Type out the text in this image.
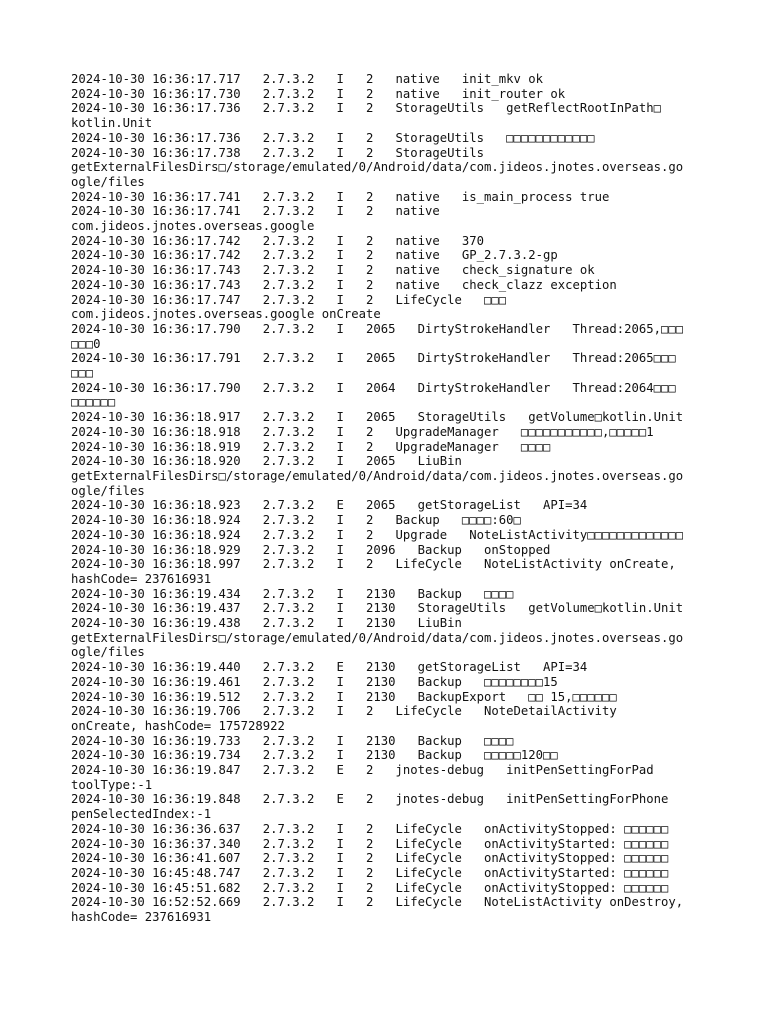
2024-10-30 16:36:17.717   2.7.3.2   I   2   native   init_mkv ok
2024-10-30 16:36:17.730   2.7.3.2   I   2   native   init_router ok
2024-10-30 16:36:17.736   2.7.3.2   I   2   StorageUtils   getReflectRootInPath□
kotlin.Unit
2024-10-30 16:36:17.736   2.7.3.2   I   2   StorageUtils   □□□□□□□□□□□□
2024-10-30 16:36:17.738   2.7.3.2   I   2   StorageUtils
getExternalFilesDirs□/storage/emulated/0/Android/data/com.jideos.jnotes.overseas.go
ogle/files
2024-10-30 16:36:17.741   2.7.3.2   I   2   native   is_main_process true
2024-10-30 16:36:17.741   2.7.3.2   I   2   native
com.jideos.jnotes.overseas.google
2024-10-30 16:36:17.742   2.7.3.2   I   2   native   370
2024-10-30 16:36:17.742   2.7.3.2   I   2   native   GP_2.7.3.2-gp
2024-10-30 16:36:17.743   2.7.3.2   I   2   native   check_signature ok
2024-10-30 16:36:17.743   2.7.3.2   I   2   native   check_clazz exception
2024-10-30 16:36:17.747   2.7.3.2   I   2   LifeCycle   □□□
com.jideos.jnotes.overseas.google onCreate
2024-10-30 16:36:17.790   2.7.3.2   I   2065   DirtyStrokeHandler   Thread:2065,□□□
□□□0
2024-10-30 16:36:17.791   2.7.3.2   I   2065   DirtyStrokeHandler   Thread:2065□□□
□□□
2024-10-30 16:36:17.790   2.7.3.2   I   2064   DirtyStrokeHandler   Thread:2064□□□
□□□□□□
2024-10-30 16:36:18.917   2.7.3.2   I   2065   StorageUtils   getVolume□kotlin.Unit
2024-10-30 16:36:18.918   2.7.3.2   I   2   UpgradeManager   □□□□□□□□□□□,□□□□□1
2024-10-30 16:36:18.919   2.7.3.2   I   2   UpgradeManager   □□□□
2024-10-30 16:36:18.920   2.7.3.2   I   2065   LiuBin
getExternalFilesDirs□/storage/emulated/0/Android/data/com.jideos.jnotes.overseas.go
ogle/files
2024-10-30 16:36:18.923   2.7.3.2   E   2065   getStorageList   API=34
2024-10-30 16:36:18.924   2.7.3.2   I   2   Backup   □□□□:60□
2024-10-30 16:36:18.924   2.7.3.2   I   2   Upgrade   NoteListActivity□□□□□□□□□□□□□
2024-10-30 16:36:18.929   2.7.3.2   I   2096   Backup   onStopped
2024-10-30 16:36:18.997   2.7.3.2   I   2   LifeCycle   NoteListActivity onCreate,
hashCode= 237616931
2024-10-30 16:36:19.434   2.7.3.2   I   2130   Backup   □□□□
2024-10-30 16:36:19.437   2.7.3.2   I   2130   StorageUtils   getVolume□kotlin.Unit
2024-10-30 16:36:19.438   2.7.3.2   I   2130   LiuBin
getExternalFilesDirs□/storage/emulated/0/Android/data/com.jideos.jnotes.overseas.go
ogle/files
2024-10-30 16:36:19.440   2.7.3.2   E   2130   getStorageList   API=34
2024-10-30 16:36:19.461   2.7.3.2   I   2130   Backup   □□□□□□□□15
2024-10-30 16:36:19.512   2.7.3.2   I   2130   BackupExport   □□ 15,□□□□□□
2024-10-30 16:36:19.706   2.7.3.2   I   2   LifeCycle   NoteDetailActivity
onCreate, hashCode= 175728922
2024-10-30 16:36:19.733   2.7.3.2   I   2130   Backup   □□□□
2024-10-30 16:36:19.734   2.7.3.2   I   2130   Backup   □□□□□120□□
2024-10-30 16:36:19.847   2.7.3.2   E   2   jnotes-debug   initPenSettingForPad
toolType:-1
2024-10-30 16:36:19.848   2.7.3.2   E   2   jnotes-debug   initPenSettingForPhone
penSelectedIndex:-1
2024-10-30 16:36:36.637   2.7.3.2   I   2   LifeCycle   onActivityStopped: □□□□□□
2024-10-30 16:36:37.340   2.7.3.2   I   2   LifeCycle   onActivityStarted: □□□□□□
2024-10-30 16:36:41.607   2.7.3.2   I   2   LifeCycle   onActivityStopped: □□□□□□
2024-10-30 16:45:48.747   2.7.3.2   I   2   LifeCycle   onActivityStarted: □□□□□□
2024-10-30 16:45:51.682   2.7.3.2   I   2   LifeCycle   onActivityStopped: □□□□□□
2024-10-30 16:52:52.669   2.7.3.2   I   2   LifeCycle   NoteListActivity onDestroy,
hashCode= 237616931
